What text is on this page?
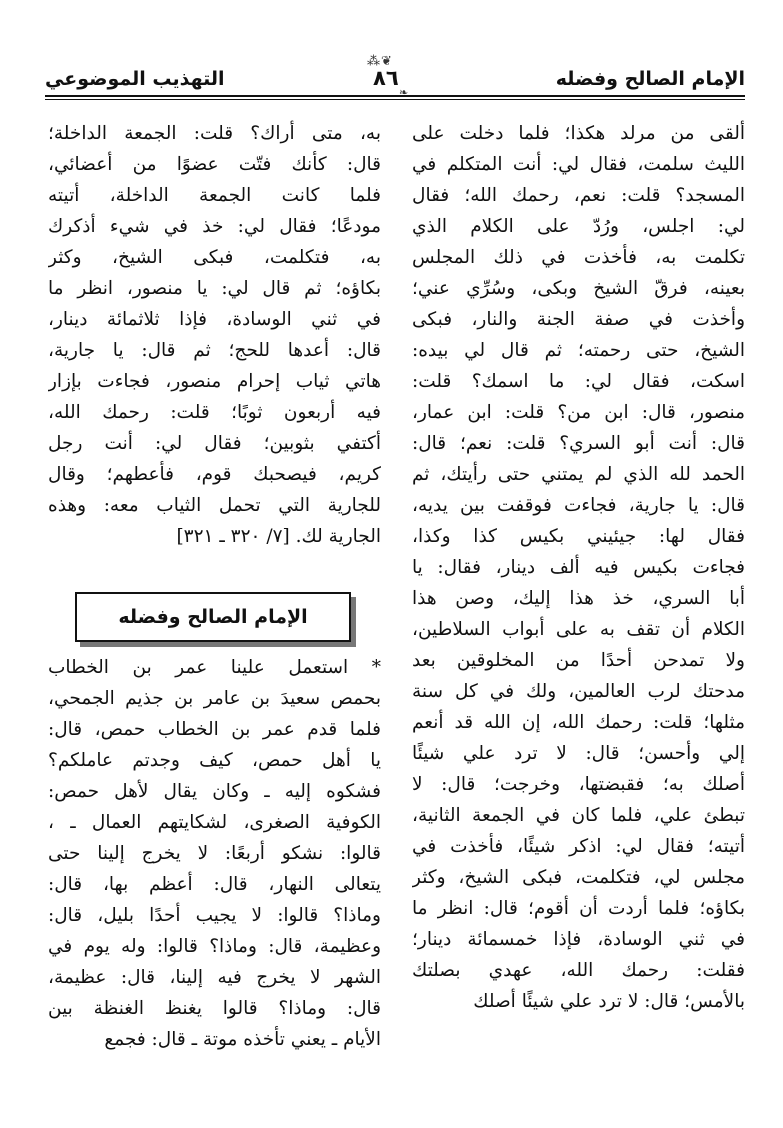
الإمام الصالح وفضله
❦⁂
٨٦
❧
التهذيب الموضوعي
ألقى من مرلد هكذا؛ فلما دخلت على
الليث سلمت، فقال لي: أنت المتكلم في
المسجد؟ قلت: نعم، رحمك الله؛ فقال
لي: اجلس، ورُدّ على الكلام الذي
تكلمت به، فأخذت في ذلك المجلس
بعينه، فرقّ الشيخ وبكى، وسُرِّي عني؛
وأخذت في صفة الجنة والنار، فبكى
الشيخ، حتى رحمته؛ ثم قال لي بيده:
اسكت، فقال لي: ما اسمك؟ قلت:
منصور، قال: ابن من؟ قلت: ابن عمار،
قال: أنت أبو السري؟ قلت: نعم؛ قال:
الحمد لله الذي لم يمتني حتى رأيتك، ثم
قال: يا جارية، فجاءت فوقفت بين يديه،
فقال لها: جيئيني بكيس كذا وكذا،
فجاءت بكيس فيه ألف دينار، فقال: يا
أبا السري، خذ هذا إليك، وصن هذا
الكلام أن تقف به على أبواب السلاطين،
ولا تمدحن أحدًا من المخلوقين بعد
مدحتك لرب العالمين، ولك في كل سنة
مثلها؛ قلت: رحمك الله، إن الله قد أنعم
إلي وأحسن؛ قال: لا ترد علي شيئًا
أصلك به؛ فقبضتها، وخرجت؛ قال: لا
تبطئ علي، فلما كان في الجمعة الثانية،
أتيته؛ فقال لي: اذكر شيئًا، فأخذت في
مجلس لي، فتكلمت، فبكى الشيخ، وكثر
بكاؤه؛ فلما أردت أن أقوم؛ قال: انظر ما
في ثني الوسادة، فإذا خمسمائة دينار؛
فقلت: رحمك الله، عهدي بصلتك
بالأمس؛ قال: لا ترد علي شيئًا أصلك
به، متى أراك؟ قلت: الجمعة الداخلة؛
قال: كأنك فتّت عضوًا من أعضائي،
فلما كانت الجمعة الداخلة، أتيته
مودعًا؛ فقال لي: خذ في شيء أذكرك
به، فتكلمت، فبكى الشيخ، وكثر
بكاؤه؛ ثم قال لي: يا منصور، انظر ما
في ثني الوسادة، فإذا ثلاثمائة دينار،
قال: أعدها للحج؛ ثم قال: يا جارية،
هاتي ثياب إحرام منصور، فجاءت بإزار
فيه أربعون ثوبًا؛ قلت: رحمك الله،
أكتفي بثوبين؛ فقال لي: أنت رجل
كريم، فيصحبك قوم، فأعطهم؛ وقال
للجارية التي تحمل الثياب معه: وهذه
الجارية لك. [٧/ ٣٢٠ ـ ٣٢١]
الإمام الصالح وفضله
* استعمل علينا عمر بن الخطاب
بحمص سعيدَ بن عامر بن جذيم الجمحي،
فلما قدم عمر بن الخطاب حمص، قال:
يا أهل حمص، كيف وجدتم عاملكم؟
فشكوه إليه ـ وكان يقال لأهل حمص:
الكوفية الصغرى، لشكايتهم العمال ـ ،
قالوا: نشكو أربعًا: لا يخرج إلينا حتى
يتعالى النهار، قال: أعظم بها، قال:
وماذا؟ قالوا: لا يجيب أحدًا بليل، قال:
وعظيمة، قال: وماذا؟ قالوا: وله يوم في
الشهر لا يخرج فيه إلينا، قال: عظيمة،
قال: وماذا؟ قالوا يغنظ الغنظة بين
الأيام ـ يعني تأخذه موتة ـ قال: فجمع
